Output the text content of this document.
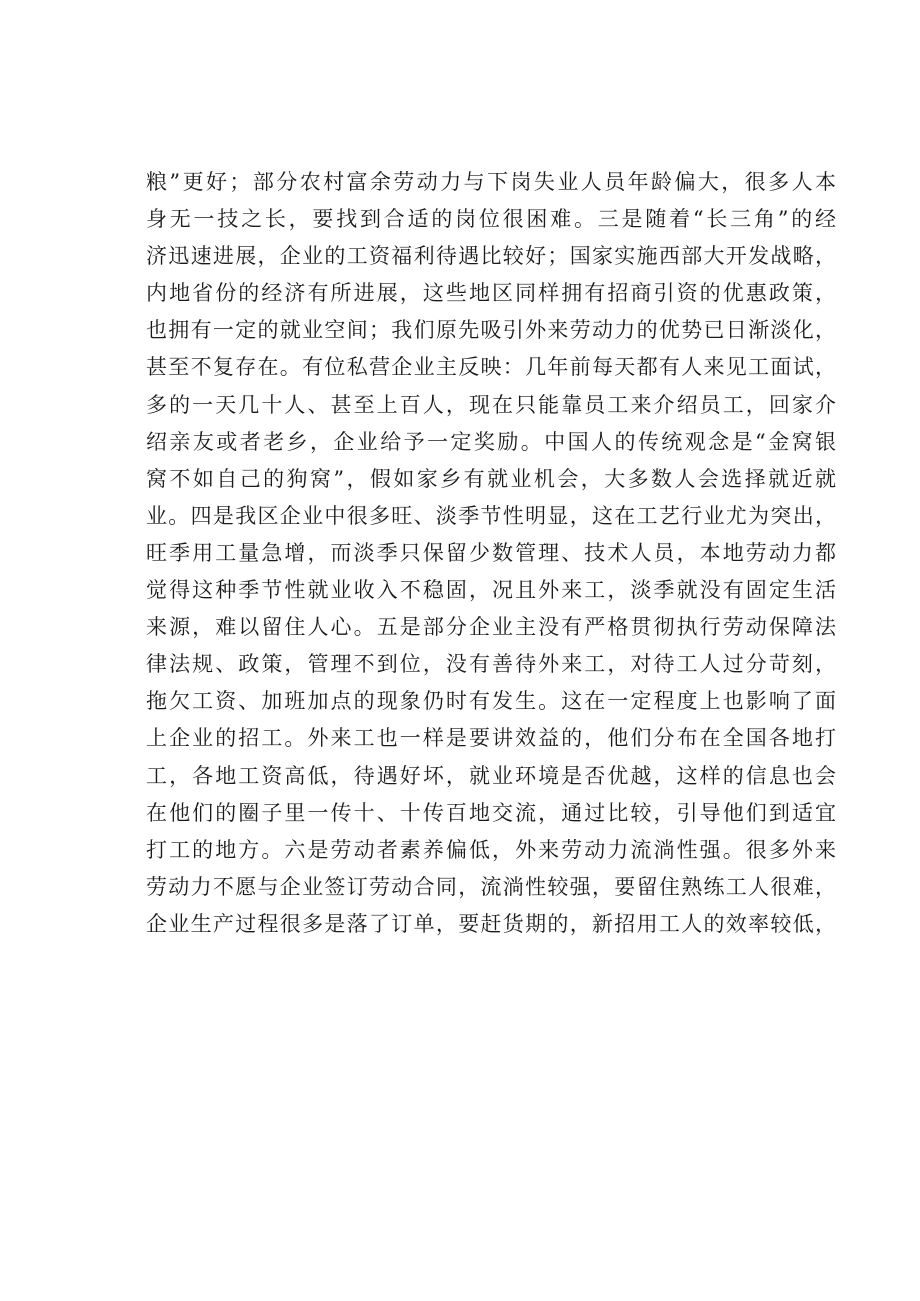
粮”更好；部分农村富余劳动力与下岗失业人员年龄偏大，很多人本
身无一技之长，要找到合适的岗位很困难。三是随着“长三角”的经
济迅速进展，企业的工资福利待遇比较好；国家实施西部大开发战略，
内地省份的经济有所进展，这些地区同样拥有招商引资的优惠政策，
也拥有一定的就业空间；我们原先吸引外来劳动力的优势已日渐淡化，
甚至不复存在。有位私营企业主反映：几年前每天都有人来见工面试，
多的一天几十人、甚至上百人，现在只能靠员工来介绍员工，回家介
绍亲友或者老乡，企业给予一定奖励。中国人的传统观念是“金窝银
窝不如自己的狗窝”，假如家乡有就业机会，大多数人会选择就近就
业。四是我区企业中很多旺、淡季节性明显，这在工艺行业尤为突出，
旺季用工量急增，而淡季只保留少数管理、技术人员，本地劳动力都
觉得这种季节性就业收入不稳固，况且外来工，淡季就没有固定生活
来源，难以留住人心。五是部分企业主没有严格贯彻执行劳动保障法
律法规、政策，管理不到位，没有善待外来工，对待工人过分苛刻，
拖欠工资、加班加点的现象仍时有发生。这在一定程度上也影响了面
上企业的招工。外来工也一样是要讲效益的，他们分布在全国各地打
工，各地工资高低，待遇好坏，就业环境是否优越，这样的信息也会
在他们的圈子里一传十、十传百地交流，通过比较，引导他们到适宜
打工的地方。六是劳动者素养偏低，外来劳动力流淌性强。很多外来
劳动力不愿与企业签订劳动合同，流淌性较强，要留住熟练工人很难，
企业生产过程很多是落了订单，要赶货期的，新招用工人的效率较低，
